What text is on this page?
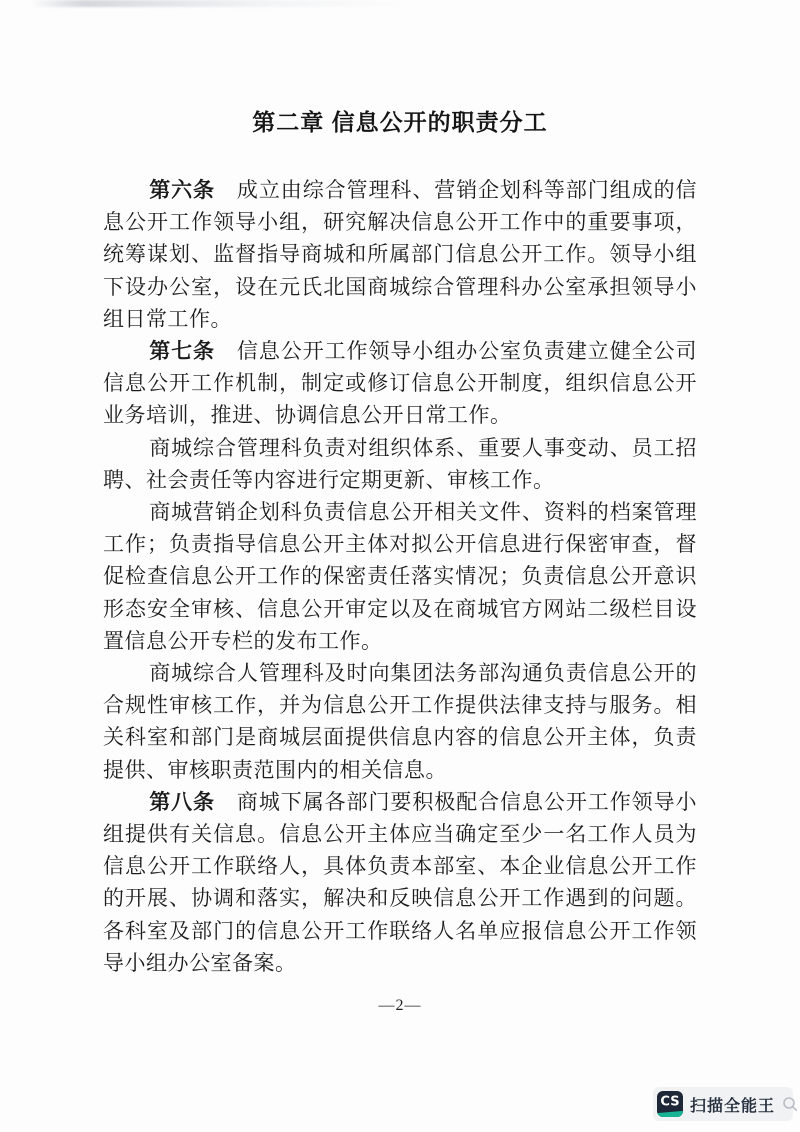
第二章 信息公开的职责分工

第六条　成立由综合管理科、营销企划科等部门组成的信息公开工作领导小组，研究解决信息公开工作中的重要事项，统筹谋划、监督指导商城和所属部门信息公开工作。领导小组下设办公室，设在元氏北国商城综合管理科办公室承担领导小组日常工作。

第七条　信息公开工作领导小组办公室负责建立健全公司信息公开工作机制，制定或修订信息公开制度，组织信息公开业务培训，推进、协调信息公开日常工作。

商城综合管理科负责对组织体系、重要人事变动、员工招聘、社会责任等内容进行定期更新、审核工作。

商城营销企划科负责信息公开相关文件、资料的档案管理工作；负责指导信息公开主体对拟公开信息进行保密审查，督促检查信息公开工作的保密责任落实情况；负责信息公开意识形态安全审核、信息公开审定以及在商城官方网站二级栏目设置信息公开专栏的发布工作。

商城综合人管理科及时向集团法务部沟通负责信息公开的合规性审核工作，并为信息公开工作提供法律支持与服务。相关科室和部门是商城层面提供信息内容的信息公开主体，负责提供、审核职责范围内的相关信息。

第八条　商城下属各部门要积极配合信息公开工作领导小组提供有关信息。信息公开主体应当确定至少一名工作人员为信息公开工作联络人，具体负责本部室、本企业信息公开工作的开展、协调和落实，解决和反映信息公开工作遇到的问题。各科室及部门的信息公开工作联络人名单应报信息公开工作领导小组办公室备案。

—2—
CS 扫描全能王
